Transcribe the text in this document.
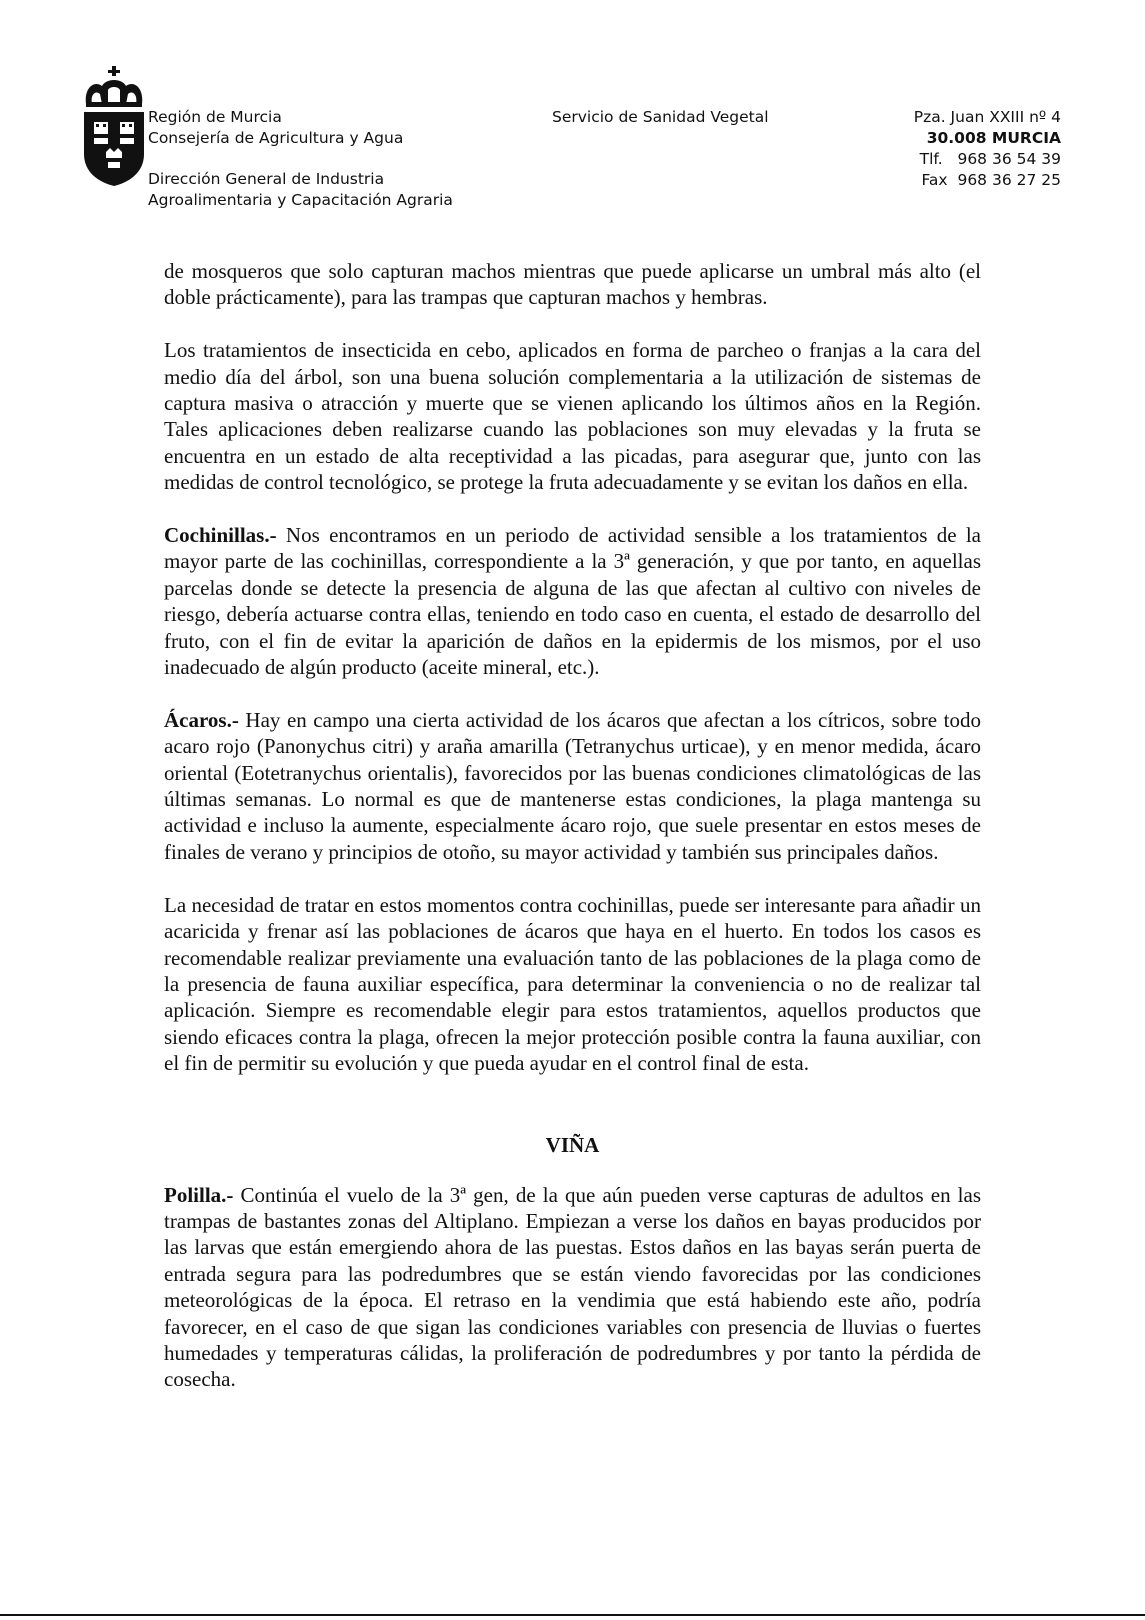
Región de Murcia
Consejería de Agricultura y Agua
Dirección General de Industria
Agroalimentaria y Capacitación Agraria
Servicio de Sanidad Vegetal	Pza. Juan XXIII nº 4
30.008 MURCIA
Tlf.   968 36 54 39
Fax  968 36 27 25

de mosqueros que solo capturan machos mientras que puede aplicarse un umbral más alto (el doble prácticamente), para las trampas que capturan machos y hembras.

Los tratamientos de insecticida en cebo, aplicados en forma de parcheo o franjas a la cara del medio día del árbol, son una buena solución complementaria a la utilización de sistemas de captura masiva o atracción y muerte que se vienen aplicando los últimos años en la Región. Tales aplicaciones deben realizarse cuando las poblaciones son muy elevadas y la fruta se encuentra en un estado de alta receptividad a las picadas, para asegurar que, junto con las medidas de control tecnológico, se protege la fruta adecuadamente y se evitan los daños en ella.

Cochinillas.- Nos encontramos en un periodo de actividad sensible a los tratamientos de la mayor parte de las cochinillas, correspondiente a la 3ª generación, y que por tanto, en aquellas parcelas donde se detecte la presencia de alguna de las que afectan al cultivo con niveles de riesgo, debería actuarse contra ellas, teniendo en todo caso en cuenta, el estado de desarrollo del fruto, con el fin de evitar la aparición de daños en la epidermis de los mismos, por el uso inadecuado de algún producto (aceite mineral, etc.).

Ácaros.- Hay en campo una cierta actividad de los ácaros que afectan a los cítricos, sobre todo acaro rojo (Panonychus citri) y araña amarilla (Tetranychus urticae), y en menor medida, ácaro oriental (Eotetranychus orientalis), favorecidos por las buenas condiciones climatológicas de las últimas semanas. Lo normal es que de mantenerse estas condiciones, la plaga mantenga su actividad e incluso la aumente, especialmente ácaro rojo, que suele presentar en estos meses de finales de verano y principios de otoño, su mayor actividad y también sus principales daños.

La necesidad de tratar en estos momentos contra cochinillas, puede ser interesante para añadir un acaricida y frenar así las poblaciones de ácaros que haya en el huerto. En todos los casos es recomendable realizar previamente una evaluación tanto de las poblaciones de la plaga como de la presencia de fauna auxiliar específica, para determinar la conveniencia o no de realizar tal aplicación. Siempre es recomendable elegir para estos tratamientos, aquellos productos que siendo eficaces contra la plaga, ofrecen la mejor protección posible contra la fauna auxiliar, con el fin de permitir su evolución y que pueda ayudar en el control final de esta.

VIÑA

Polilla.- Continúa el vuelo de la 3ª gen, de la que aún pueden verse capturas de adultos en las trampas de bastantes zonas del Altiplano. Empiezan a verse los daños en bayas producidos por las larvas que están emergiendo ahora de las puestas. Estos daños en las bayas serán puerta de entrada segura para las podredumbres que se están viendo favorecidas por las condiciones meteorológicas de la época. El retraso en la vendimia que está habiendo este año, podría favorecer, en el caso de que sigan las condiciones variables con presencia de lluvias o fuertes humedades y temperaturas cálidas, la proliferación de podredumbres y por tanto la pérdida de cosecha.
